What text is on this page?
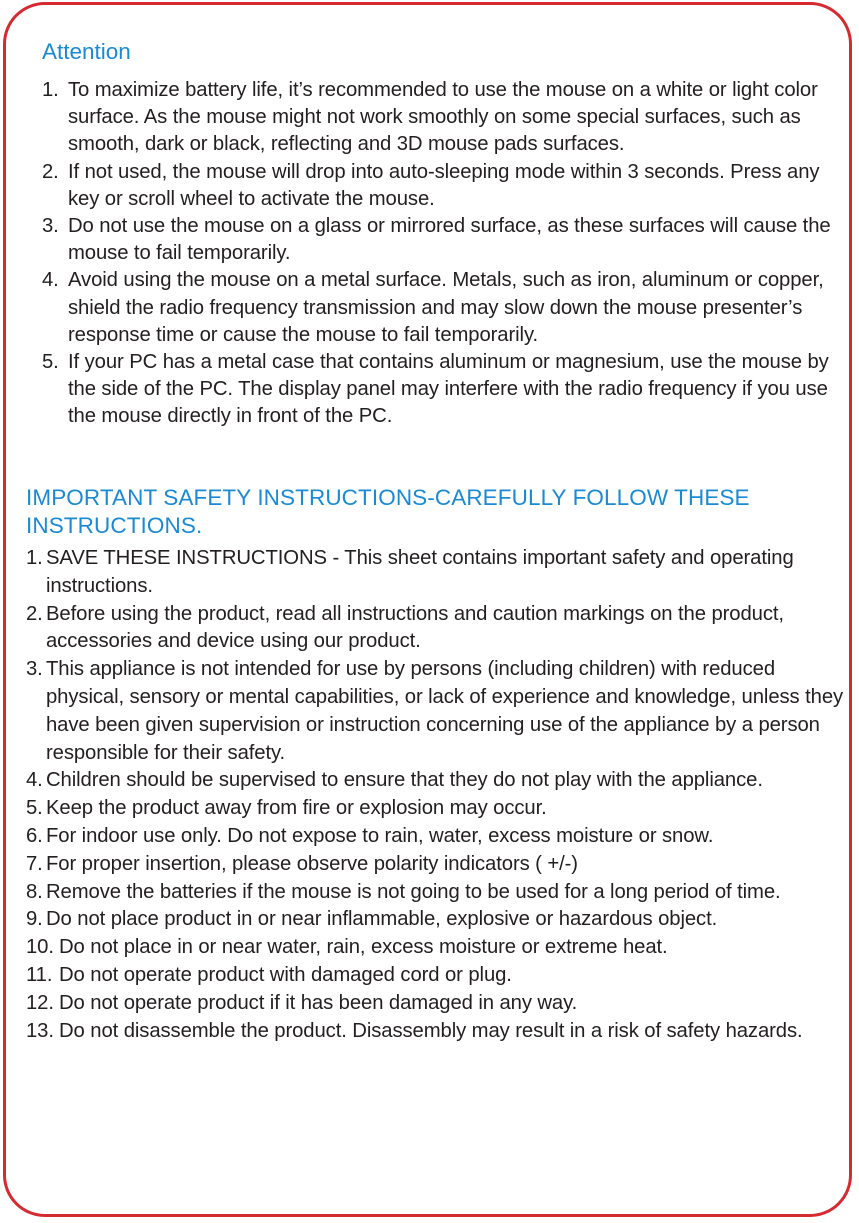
Attention
1. To maximize battery life, it’s recommended to use the mouse on a white or light color surface. As the mouse might not work smoothly on some special surfaces, such as smooth, dark or black, reflecting and 3D mouse pads surfaces.
2. If not used, the mouse will drop into auto-sleeping mode within 3 seconds. Press any key or scroll wheel to activate the mouse.
3. Do not use the mouse on a glass or mirrored surface, as these surfaces will cause the mouse to fail temporarily.
4. Avoid using the mouse on a metal surface. Metals, such as iron, aluminum or copper, shield the radio frequency transmission and may slow down the mouse presenter’s response time or cause the mouse to fail temporarily.
5. If your PC has a metal case that contains aluminum or magnesium, use the mouse by the side of the PC. The display panel may interfere with the radio frequency if you use the mouse directly in front of the PC.
IMPORTANT SAFETY INSTRUCTIONS-CAREFULLY FOLLOW THESE INSTRUCTIONS.
1. SAVE THESE INSTRUCTIONS - This sheet contains important safety and operating instructions.
2. Before using the product, read all instructions and caution markings on the product, accessories and device using our product.
3. This appliance is not intended for use by persons (including children) with reduced physical, sensory or mental capabilities, or lack of experience and knowledge, unless they have been given supervision or instruction concerning use of the appliance by a person responsible for their safety.
4. Children should be supervised to ensure that they do not play with the appliance.
5. Keep the product away from fire or explosion may occur.
6. For indoor use only. Do not expose to rain, water, excess moisture or snow.
7. For proper insertion, please observe polarity indicators ( +/-)
8. Remove the batteries if the mouse is not going to be used for a long period of time.
9. Do not place product in or near inflammable, explosive or hazardous object.
10. Do not place in or near water, rain, excess moisture or extreme heat.
11. Do not operate product with damaged cord or plug.
12. Do not operate product if it has been damaged in any way.
13. Do not disassemble the product. Disassembly may result in a risk of safety hazards.
